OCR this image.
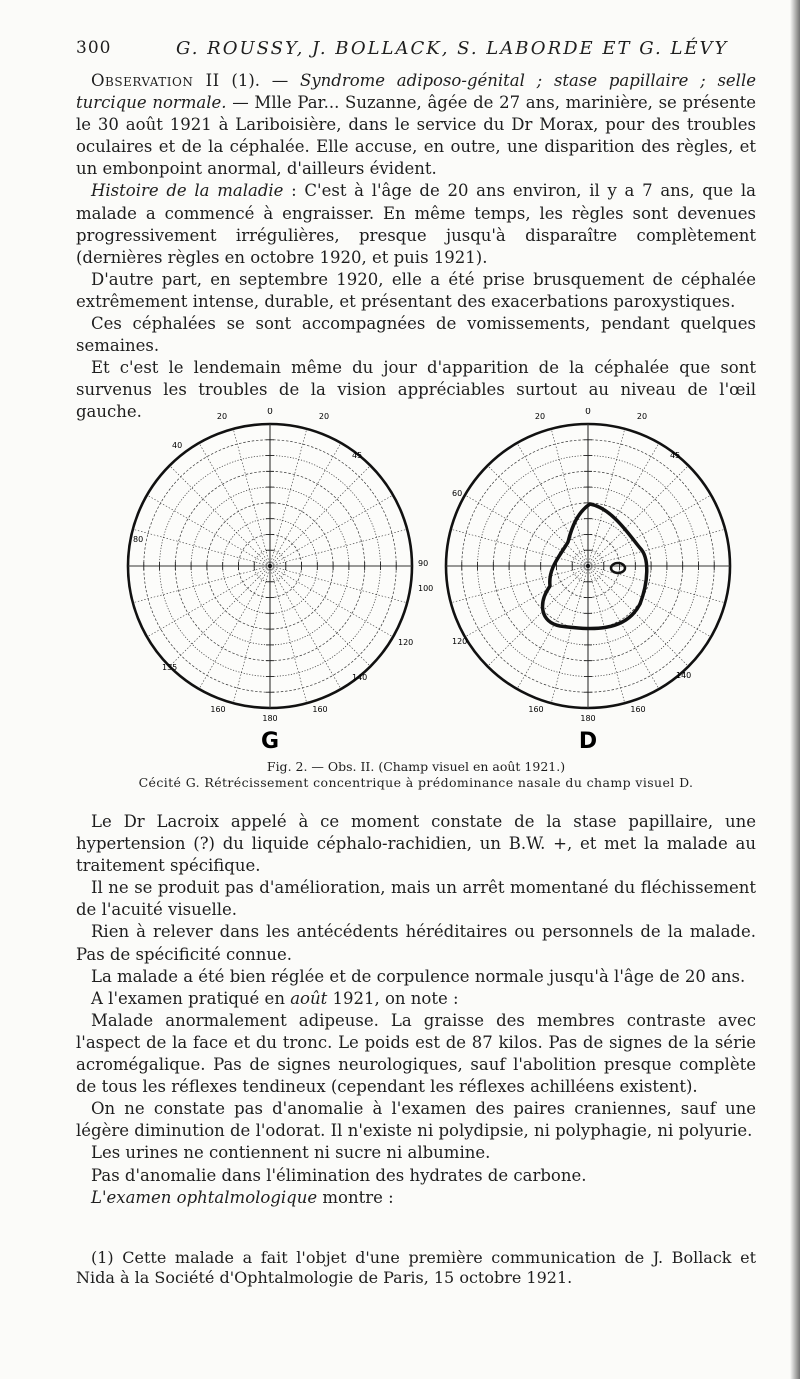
300	G. ROUSSY, J. BOLLACK, S. LABORDE ET G. LÉVY

Observation II (1). — Syndrome adiposo-génital ; stase papillaire ; selle turcique normale. — Mlle Par... Suzanne, âgée de 27 ans, marinière, se présente le 30 août 1921 à Lariboisière, dans le service du Dr Morax, pour des troubles oculaires et de la céphalée. Elle accuse, en outre, une disparition des règles, et un embonpoint anormal, d'ailleurs évident.

Histoire de la maladie : C'est à l'âge de 20 ans environ, il y a 7 ans, que la malade a commencé à engraisser. En même temps, les règles sont devenues progressivement irrégulières, presque jusqu'à disparaître complètement (dernières règles en octobre 1920, et puis 1921).

D'autre part, en septembre 1920, elle a été prise brusquement de céphalée extrêmement intense, durable, et présentant des exacerbations paroxystiques.

Ces céphalées se sont accompagnées de vomissements, pendant quelques semaines.

Et c'est le lendemain même du jour d'apparition de la céphalée que sont survenus les troubles de la vision appréciables surtout au niveau de l'œil gauche.	0
20	20
45
40
80
90
100
120
140
135
160	160
180
0
20	20
45
60
120
140
160	160
180
G	D
Fig. 2. — Obs. II. (Champ visuel en août 1921.)
Cécité G. Rétrécissement concentrique à prédominance nasale du champ visuel D.

Le Dr Lacroix appelé à ce moment constate de la stase papillaire, une hypertension (?) du liquide céphalo-rachidien, un B.W. +, et met la malade au traitement spécifique.

Il ne se produit pas d'amélioration, mais un arrêt momentané du fléchissement de l'acuité visuelle.

Rien à relever dans les antécédents héréditaires ou personnels de la malade. Pas de spécificité connue.

La malade a été bien réglée et de corpulence normale jusqu'à l'âge de 20 ans.

A l'examen pratiqué en août 1921, on note :

Malade anormalement adipeuse. La graisse des membres contraste avec l'aspect de la face et du tronc. Le poids est de 87 kilos. Pas de signes de la série acromégalique. Pas de signes neurologiques, sauf l'abolition presque complète de tous les réflexes tendineux (cependant les réflexes achilléens existent).

On ne constate pas d'anomalie à l'examen des paires craniennes, sauf une légère diminution de l'odorat. Il n'existe ni polydipsie, ni polyphagie, ni polyurie.

Les urines ne contiennent ni sucre ni albumine.

Pas d'anomalie dans l'élimination des hydrates de carbone.

L'examen ophtalmologique montre :

(1) Cette malade a fait l'objet d'une première communication de J. Bollack et Nida à la Société d'Ophtalmologie de Paris, 15 octobre 1921.
